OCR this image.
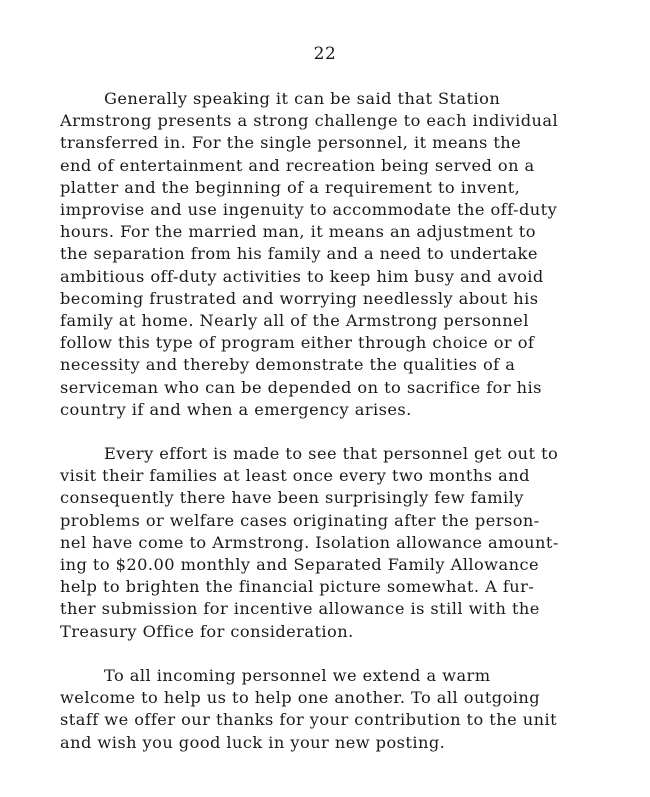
22

Generally speaking it can be said that Station
Armstrong presents a strong challenge to each individual
transferred in. For the single personnel, it means the
end of entertainment and recreation being served on a
platter and the beginning of a requirement to invent,
improvise and use ingenuity to accommodate the off-duty
hours. For the married man, it means an adjustment to
the separation from his family and a need to undertake
ambitious off-duty activities to keep him busy and avoid
becoming frustrated and worrying needlessly about his
family at home. Nearly all of the Armstrong personnel
follow this type of program either through choice or of
necessity and thereby demonstrate the qualities of a
serviceman who can be depended on to sacrifice for his
country if and when a emergency arises.

Every effort is made to see that personnel get out to
visit their families at least once every two months and
consequently there have been surprisingly few family
problems or welfare cases originating after the person-
nel have come to Armstrong. Isolation allowance amount-
ing to $20.00 monthly and Separated Family Allowance
help to brighten the financial picture somewhat. A fur-
ther submission for incentive allowance is still with the
Treasury Office for consideration.

To all incoming personnel we extend a warm
welcome to help us to help one another. To all outgoing
staff we offer our thanks for your contribution to the unit
and wish you good luck in your new posting.
